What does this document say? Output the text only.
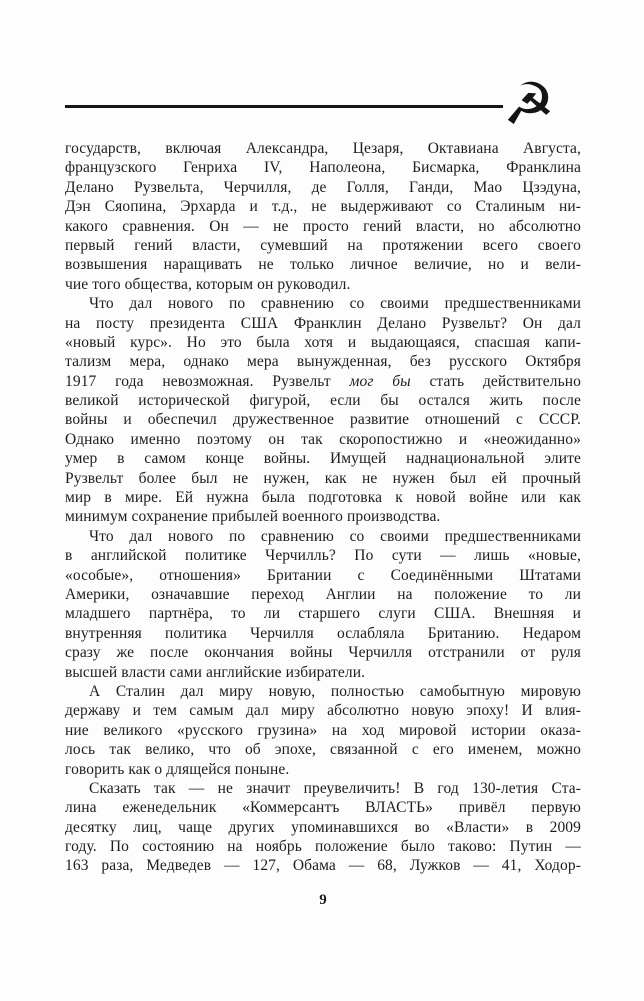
☭
государств, включая Александра, Цезаря, Октавиана Августа,
французского Генриха IV, Наполеона, Бисмарка, Франклина
Делано Рузвельта, Черчилля, де Голля, Ганди, Мао Цзэдуна,
Дэн Сяопина, Эрхарда и т.д., не выдерживают со Сталиным ни-
какого сравнения. Он — не просто гений власти, но абсолютно
первый гений власти, сумевший на протяжении всего своего
возвышения наращивать не только личное величие, но и вели-
чие того общества, которым он руководил.
Что дал нового по сравнению со своими предшественниками
на посту президента США Франклин Делано Рузвельт? Он дал
«новый курс». Но это была хотя и выдающаяся, спасшая капи-
тализм мера, однако мера вынужденная, без русского Октября
1917 года невозможная. Рузвельт мог бы стать действительно
великой исторической фигурой, если бы остался жить после
войны и обеспечил дружественное развитие отношений с СССР.
Однако именно поэтому он так скоропостижно и «неожиданно»
умер в самом конце войны. Имущей наднациональной элите
Рузвельт более был не нужен, как не нужен был ей прочный
мир в мире. Ей нужна была подготовка к новой войне или как
минимум сохранение прибылей военного производства.
Что дал нового по сравнению со своими предшественниками
в английской политике Черчилль? По сути — лишь «новые,
«особые», отношения» Британии с Соединёнными Штатами
Америки, означавшие переход Англии на положение то ли
младшего партнёра, то ли старшего слуги США. Внешняя и
внутренняя политика Черчилля ослабляла Британию. Недаром
сразу же после окончания войны Черчилля отстранили от руля
высшей власти сами английские избиратели.
А Сталин дал миру новую, полностью самобытную мировую
державу и тем самым дал миру абсолютно новую эпоху! И влия-
ние великого «русского грузина» на ход мировой истории оказа-
лось так велико, что об эпохе, связанной с его именем, можно
говорить как о длящейся поныне.
Сказать так — не значит преувеличить! В год 130-летия Ста-
лина еженедельник «Коммерсантъ ВЛАСТЬ» привёл первую
десятку лиц, чаще других упоминавшихся во «Власти» в 2009
году. По состоянию на ноябрь положение было таково: Путин —
163 раза, Медведев — 127, Обама — 68, Лужков — 41, Ходор-
9
